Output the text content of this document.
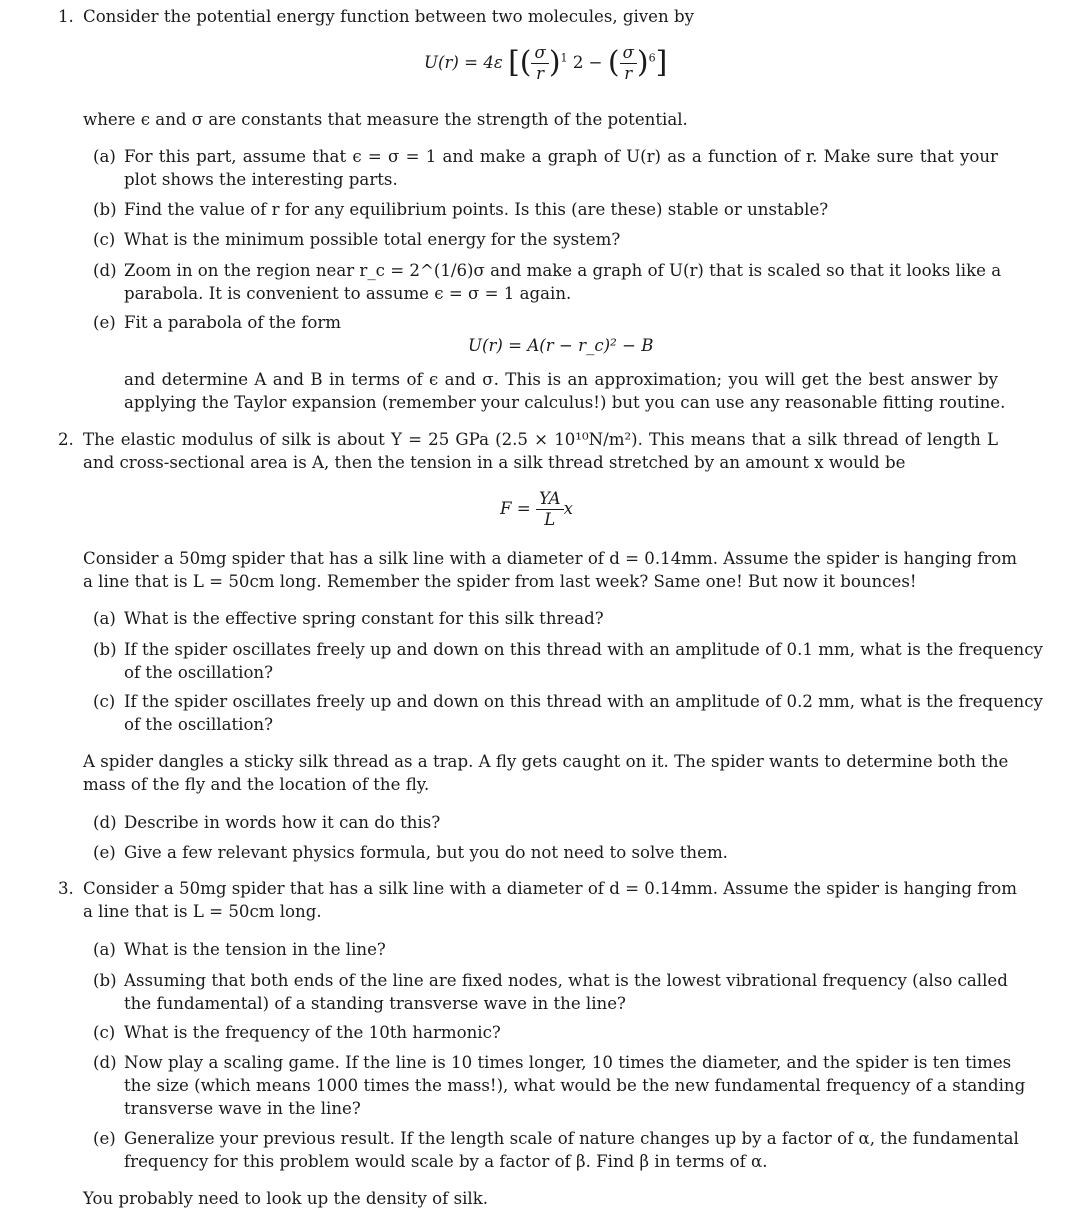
1. Consider the potential energy function between two molecules, given by
U(r) = 4ε [( $\frac{\sigma}{r} )^1$ 2 − ( $\frac{\sigma}{r} )^6$]
where ϵ and σ are constants that measure the strength of the potential.
(a) For this part, assume that ϵ = σ = 1 and make a graph of U(r) as a function of r. Make sure that your
plot shows the interesting parts.
(b) Find the value of r for any equilibrium points. Is this (are these) stable or unstable?
(c) What is the minimum possible total energy for the system?
(d) Zoom in on the region near r_c = 2^(1/6)σ and make a graph of U(r) that is scaled so that it looks like a
parabola. It is convenient to assume ϵ = σ = 1 again.
(e) Fit a parabola of the form
U(r) = A(r − r_c)² − B
and determine A and B in terms of ϵ and σ. This is an approximation; you will get the best answer by
applying the Taylor expansion (remember your calculus!) but you can use any reasonable fitting routine.
2. The elastic modulus of silk is about Y = 25 GPa (2.5 × 10¹⁰N/m²). This means that a silk thread of length L
and cross-sectional area is A, then the tension in a silk thread stretched by an amount x would be
$F = \frac{YA}{L}$ x
Consider a 50mg spider that has a silk line with a diameter of d = 0.14mm. Assume the spider is hanging from
a line that is L = 50cm long. Remember the spider from last week? Same one! But now it bounces!
(a) What is the effective spring constant for this silk thread?
(b) If the spider oscillates freely up and down on this thread with an amplitude of 0.1 mm, what is the frequency
of the oscillation?
(c) If the spider oscillates freely up and down on this thread with an amplitude of 0.2 mm, what is the frequency
of the oscillation?
A spider dangles a sticky silk thread as a trap. A fly gets caught on it. The spider wants to determine both the
mass of the fly and the location of the fly.
(d) Describe in words how it can do this?
(e) Give a few relevant physics formula, but you do not need to solve them.
3. Consider a 50mg spider that has a silk line with a diameter of d = 0.14mm. Assume the spider is hanging from
a line that is L = 50cm long.
(a) What is the tension in the line?
(b) Assuming that both ends of the line are fixed nodes, what is the lowest vibrational frequency (also called
the fundamental) of a standing transverse wave in the line?
(c) What is the frequency of the 10th harmonic?
(d) Now play a scaling game. If the line is 10 times longer, 10 times the diameter, and the spider is ten times
the size (which means 1000 times the mass!), what would be the new fundamental frequency of a standing
transverse wave in the line?
(e) Generalize your previous result. If the length scale of nature changes up by a factor of α, the fundamental
frequency for this problem would scale by a factor of β. Find β in terms of α.
You probably need to look up the density of silk.
